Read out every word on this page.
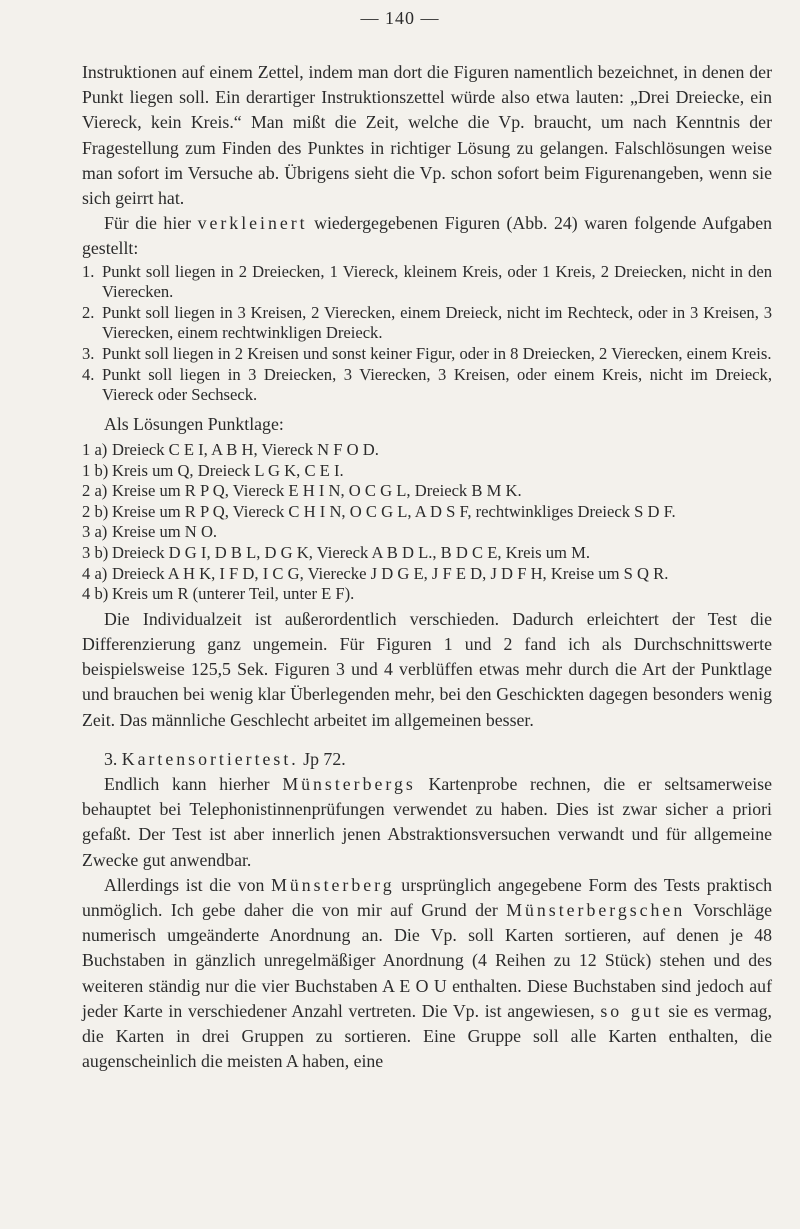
— 140 —

Instruktionen auf einem Zettel, indem man dort die Figuren namentlich bezeichnet, in denen der Punkt liegen soll. Ein derartiger Instruktionszettel würde also etwa lauten: „Drei Dreiecke, ein Viereck, kein Kreis.“ Man mißt die Zeit, welche die Vp. braucht, um nach Kenntnis der Fragestellung zum Finden des Punktes in richtiger Lösung zu gelangen. Falschlösungen weise man sofort im Versuche ab. Übrigens sieht die Vp. schon sofort beim Figurenangeben, wenn sie sich geirrt hat.

Für die hier verkleinert wiedergegebenen Figuren (Abb. 24) waren folgende Aufgaben gestellt:

1. Punkt soll liegen in 2 Dreiecken, 1 Viereck, kleinem Kreis, oder 1 Kreis, 2 Dreiecken, nicht in den Vierecken.
2. Punkt soll liegen in 3 Kreisen, 2 Vierecken, einem Dreieck, nicht im Rechteck, oder in 3 Kreisen, 3 Vierecken, einem rechtwinkligen Dreieck.
3. Punkt soll liegen in 2 Kreisen und sonst keiner Figur, oder in 8 Dreiecken, 2 Vierecken, einem Kreis.
4. Punkt soll liegen in 3 Dreiecken, 3 Vierecken, 3 Kreisen, oder einem Kreis, nicht im Dreieck, Viereck oder Sechseck.

Als Lösungen Punktlage:

1 a) Dreieck C E I, A B H, Viereck N F O D.
1 b) Kreis um Q, Dreieck L G K, C E I.
2 a) Kreise um R P Q, Viereck E H I N, O C G L, Dreieck B M K.
2 b) Kreise um R P Q, Viereck C H I N, O C G L, A D S F, rechtwinkliges Dreieck S D F.
3 a) Kreise um N O.
3 b) Dreieck D G I, D B L, D G K, Viereck A B D L., B D C E, Kreis um M.
4 a) Dreieck A H K, I F D, I C G, Vierecke J D G E, J F E D, J D F H, Kreise um S Q R.
4 b) Kreis um R (unterer Teil, unter E F).

Die Individualzeit ist außerordentlich verschieden. Dadurch erleichtert der Test die Differenzierung ganz ungemein. Für Figuren 1 und 2 fand ich als Durchschnittswerte beispielsweise 125,5 Sek. Figuren 3 und 4 verblüffen etwas mehr durch die Art der Punktlage und brauchen bei wenig klar Überlegenden mehr, bei den Geschickten dagegen besonders wenig Zeit. Das männliche Geschlecht arbeitet im allgemeinen besser.

3. Kartensortiertest. Jp 72.

Endlich kann hierher Münsterbergs Kartenprobe rechnen, die er seltsamerweise behauptet bei Telephonistinnenprüfungen verwendet zu haben. Dies ist zwar sicher a priori gefaßt. Der Test ist aber innerlich jenen Abstraktionsversuchen verwandt und für allgemeine Zwecke gut anwendbar.

Allerdings ist die von Münsterberg ursprünglich angegebene Form des Tests praktisch unmöglich. Ich gebe daher die von mir auf Grund der Münsterbergschen Vorschläge numerisch umgeänderte Anordnung an. Die Vp. soll Karten sortieren, auf denen je 48 Buchstaben in gänzlich unregelmäßiger Anordnung (4 Reihen zu 12 Stück) stehen und des weiteren ständig nur die vier Buchstaben A E O U enthalten. Diese Buchstaben sind jedoch auf jeder Karte in verschiedener Anzahl vertreten. Die Vp. ist angewiesen, so gut sie es vermag, die Karten in drei Gruppen zu sortieren. Eine Gruppe soll alle Karten enthalten, die augenscheinlich die meisten A haben, eine
